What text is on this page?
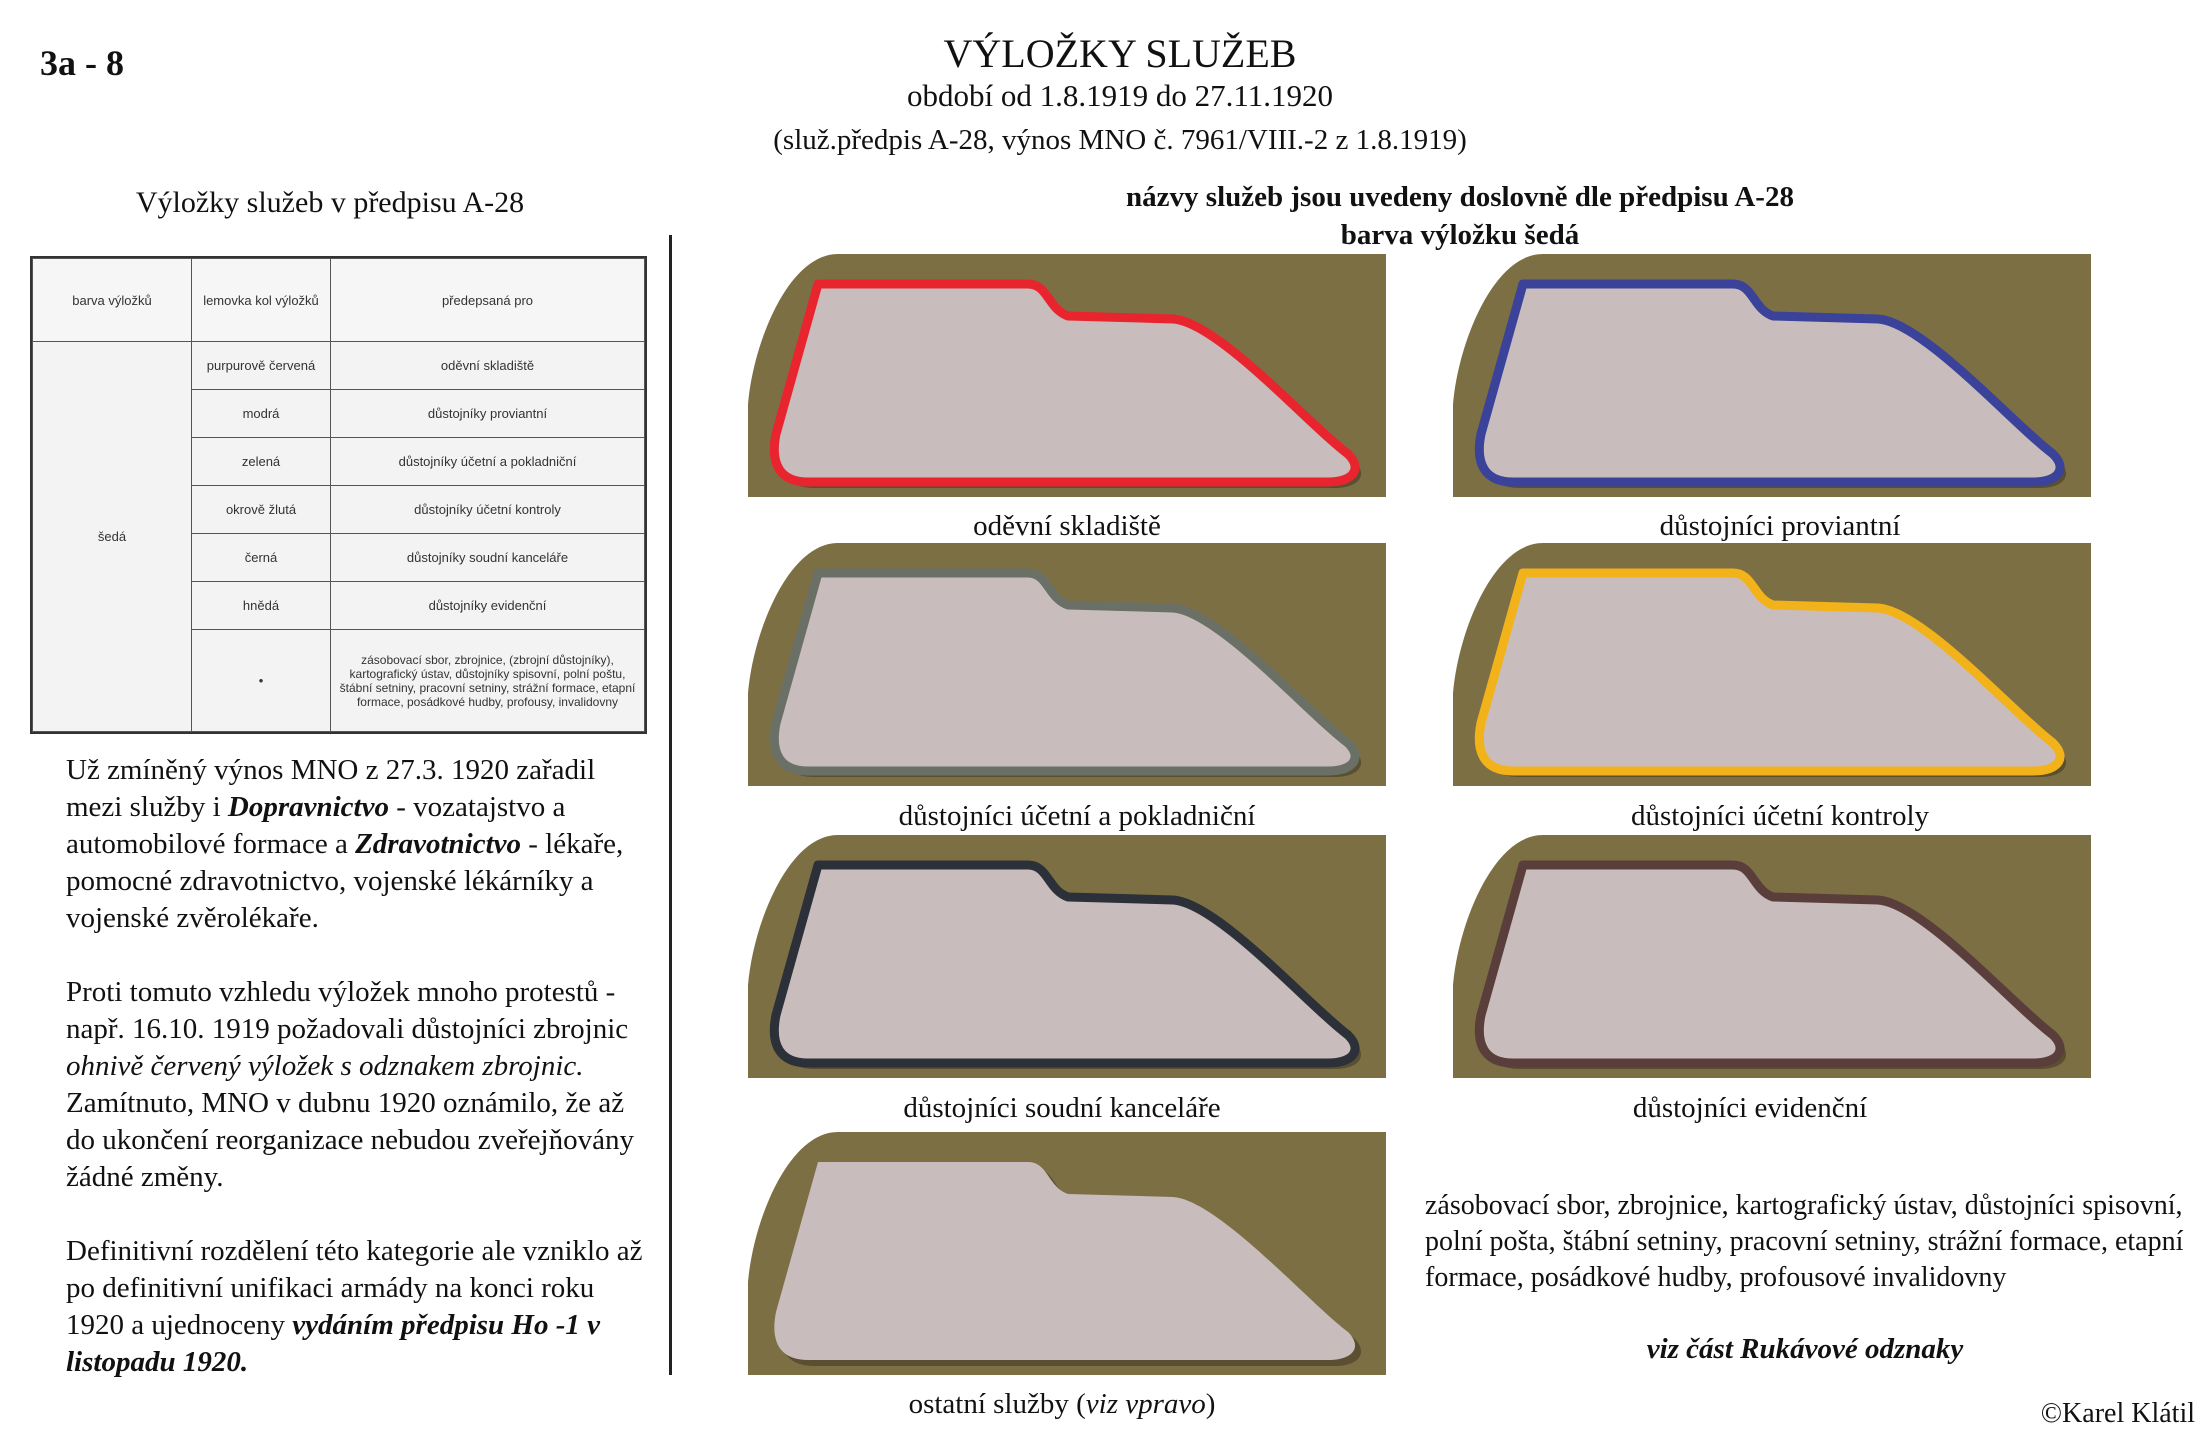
3a - 8	VÝLOŽKY SLUŽEB
období od 1.8.1919 do 27.11.1920
(služ.předpis A-28, výnos MNO č. 7961/VIII.-2 z 1.8.1919)
Výložky služeb v předpisu A-28	názvy služeb jsou uvedeny doslovně dle předpisu A-28
barva výložku šedá
barva výložků	lemovka kol výložků	předepsaná pro
šedá	purpurově červená	oděvní skladiště
	modrá	důstojníky proviantní
	zelená	důstojníky účetní a pokladniční
	okrově žlutá	důstojníky účetní kontroly
	černá	důstojníky soudní kanceláře
	hnědá	důstojníky evidenční
	•	zásobovací sbor, zbrojnice, (zbrojní důstojníky), kartografický ústav, důstojníky spisovní, polní poštu, štábní setniny, pracovní setniny, strážní formace, etapní formace, posádkové hudby, profousy, invalidovny

Už zmíněný výnos MNO z 27.3. 1920 zařadil mezi služby i Dopravnictvo - vozatajstvo a automobilové formace a Zdravotnictvo - lékaře, pomocné zdravotnictvo, vojenské lékárníky a vojenské zvěrolékaře.

Proti tomuto vzhledu výložek mnoho protestů - např. 16.10. 1919 požadovali důstojníci zbrojnic ohnivě červený výložek s odznakem zbrojnic. Zamítnuto, MNO v dubnu 1920 oznámilo, že až do ukončení reorganizace nebudou zveřejňovány žádné změny.

Definitivní rozdělení této kategorie ale vzniklo až po definitivní unifikaci armády na konci roku 1920 a ujednoceny vydáním předpisu Ho -1 v listopadu 1920.

oděvní skladiště	důstojníci proviantní
důstojníci účetní a pokladniční	důstojníci účetní kontroly
důstojníci soudní kanceláře	důstojníci evidenční
ostatní služby (viz vpravo)
zásobovací sbor, zbrojnice, kartografický ústav, důstojníci spisovní, polní pošta, štábní setniny, pracovní setniny, strážní formace, etapní formace, posádkové hudby, profousové invalidovny
viz část Rukávové odznaky
©Karel Klátil
